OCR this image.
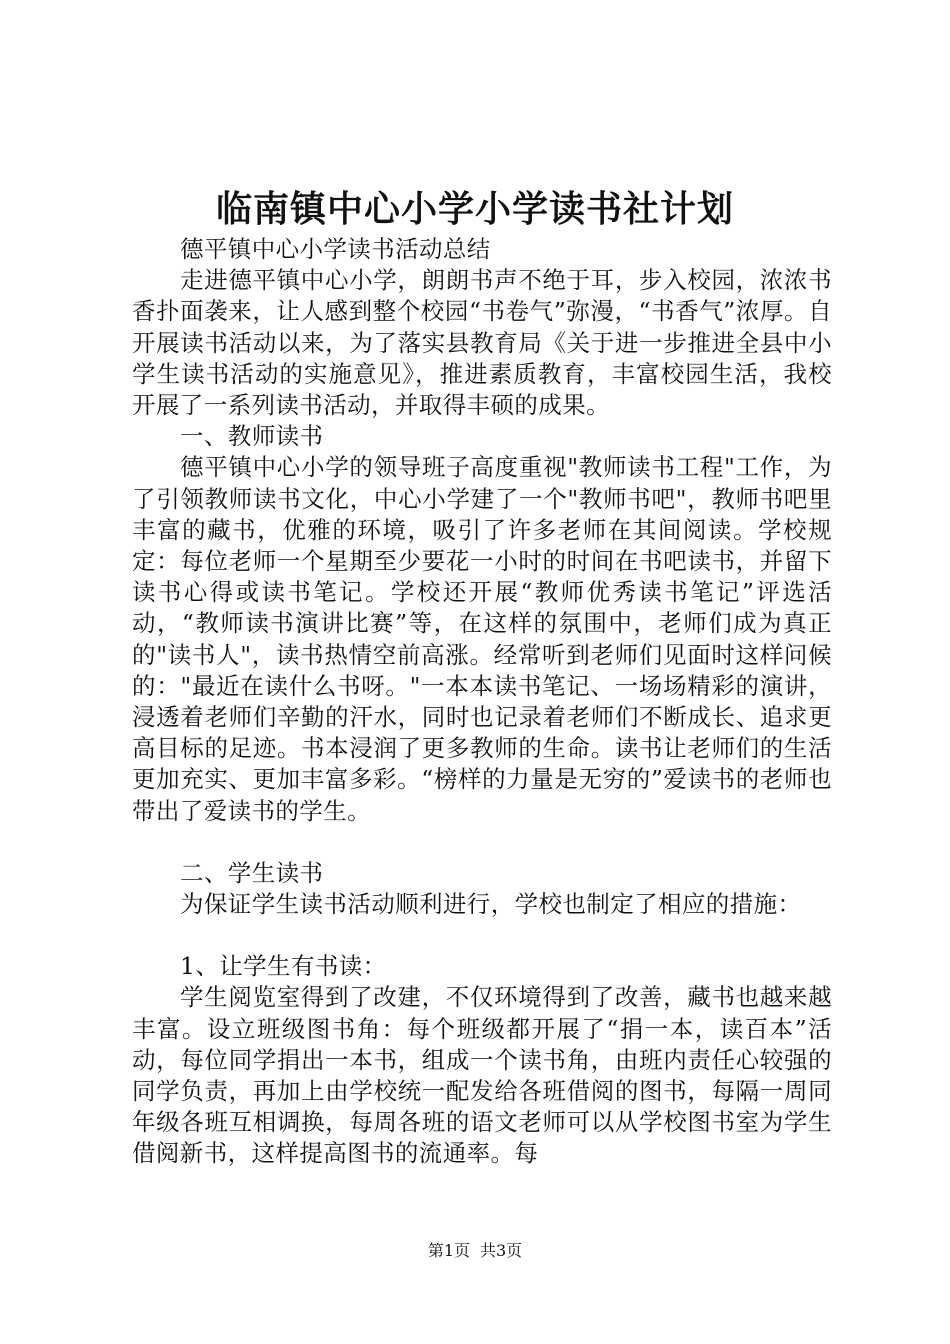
临南镇中心小学小学读书社计划

德平镇中心小学读书活动总结

走进德平镇中心小学，朗朗书声不绝于耳，步入校园，浓浓书香扑面袭来，让人感到整个校园“书卷气”弥漫，“书香气”浓厚。自开展读书活动以来，为了落实县教育局《关于进一步推进全县中小学生读书活动的实施意见》，推进素质教育，丰富校园生活，我校开展了一系列读书活动，并取得丰硕的成果。

一、教师读书

德平镇中心小学的领导班子高度重视"教师读书工程"工作，为了引领教师读书文化，中心小学建了一个"教师书吧"，教师书吧里丰富的藏书，优雅的环境，吸引了许多老师在其间阅读。学校规定：每位老师一个星期至少要花一小时的时间在书吧读书，并留下读书心得或读书笔记。学校还开展“教师优秀读书笔记”评选活动，“教师读书演讲比赛”等，在这样的氛围中，老师们成为真正的"读书人"，读书热情空前高涨。经常听到老师们见面时这样问候的："最近在读什么书呀。"一本本读书笔记、一场场精彩的演讲，浸透着老师们辛勤的汗水，同时也记录着老师们不断成长、追求更高目标的足迹。书本浸润了更多教师的生命。读书让老师们的生活更加充实、更加丰富多彩。“榜样的力量是无穷的”爱读书的老师也带出了爱读书的学生。

二、学生读书

为保证学生读书活动顺利进行，学校也制定了相应的措施：

1、让学生有书读：

学生阅览室得到了改建，不仅环境得到了改善，藏书也越来越丰富。设立班级图书角：每个班级都开展了“捐一本，读百本”活动，每位同学捐出一本书，组成一个读书角，由班内责任心较强的同学负责，再加上由学校统一配发给各班借阅的图书，每隔一周同年级各班互相调换，每周各班的语文老师可以从学校图书室为学生借阅新书，这样提高图书的流通率。每

第1页 共3页
